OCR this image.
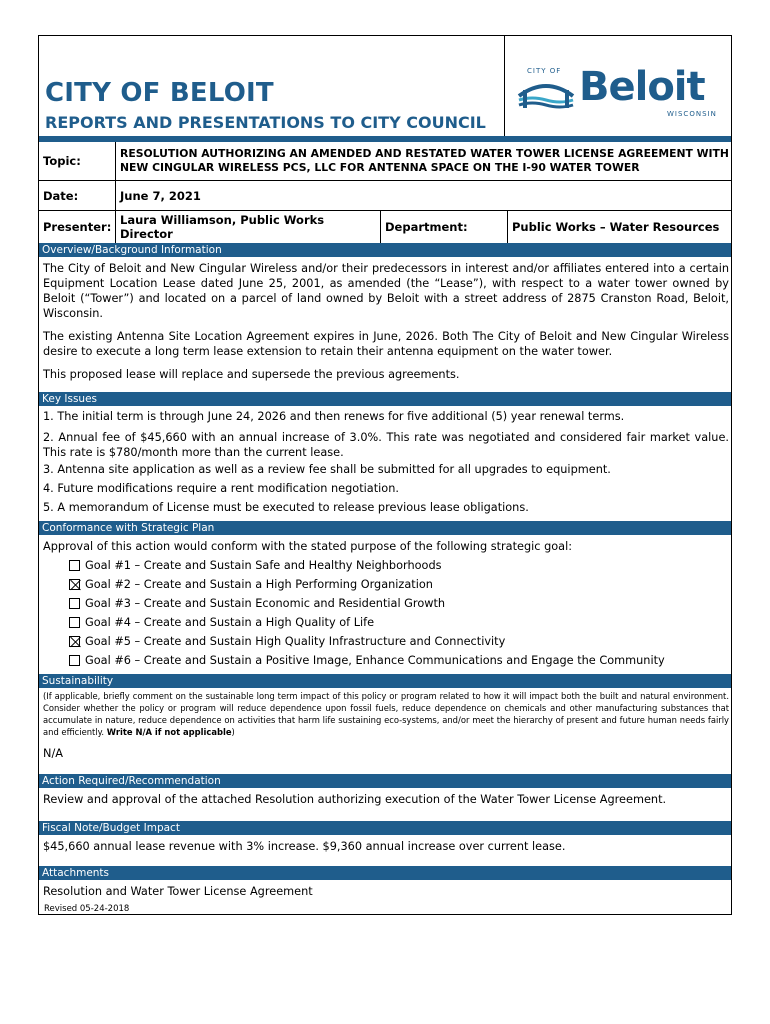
CITY OF BELOIT
REPORTS AND PRESENTATIONS TO CITY COUNCIL
CITY OF Beloit
WISCONSIN
Topic:
RESOLUTION AUTHORIZING AN AMENDED AND RESTATED WATER TOWER LICENSE AGREEMENT WITH
NEW CINGULAR WIRELESS PCS, LLC FOR ANTENNA SPACE ON THE I-90 WATER TOWER
Date:	June 7, 2021
Presenter: Laura Williamson, Public Works Director	Department:	Public Works – Water Resources
Overview/Background Information
The City of Beloit and New Cingular Wireless and/or their predecessors in interest and/or affiliates entered into a certain Equipment Location Lease dated June 25, 2001, as amended (the “Lease”), with respect to a water tower owned by Beloit (“Tower”) and located on a parcel of land owned by Beloit with a street address of 2875 Cranston Road, Beloit, Wisconsin.
The existing Antenna Site Location Agreement expires in June, 2026. Both The City of Beloit and New Cingular Wireless desire to execute a long term lease extension to retain their antenna equipment on the water tower.
This proposed lease will replace and supersede the previous agreements.
Key Issues
1. The initial term is through June 24, 2026 and then renews for five additional (5) year renewal terms.
2. Annual fee of $45,660 with an annual increase of 3.0%. This rate was negotiated and considered fair market value. This rate is $780/month more than the current lease.
3. Antenna site application as well as a review fee shall be submitted for all upgrades to equipment.
4. Future modifications require a rent modification negotiation.
5. A memorandum of License must be executed to release previous lease obligations.
Conformance with Strategic Plan
Approval of this action would conform with the stated purpose of the following strategic goal:
Goal #1 – Create and Sustain Safe and Healthy Neighborhoods
Goal #2 – Create and Sustain a High Performing Organization
Goal #3 – Create and Sustain Economic and Residential Growth
Goal #4 – Create and Sustain a High Quality of Life
Goal #5 – Create and Sustain High Quality Infrastructure and Connectivity
Goal #6 – Create and Sustain a Positive Image, Enhance Communications and Engage the Community
Sustainability
(If applicable, briefly comment on the sustainable long term impact of this policy or program related to how it will impact both the built and natural environment. Consider whether the policy or program will reduce dependence upon fossil fuels, reduce dependence on chemicals and other manufacturing substances that accumulate in nature, reduce dependence on activities that harm life sustaining eco-systems, and/or meet the hierarchy of present and future human needs fairly and efficiently. Write N/A if not applicable)
N/A
Action Required/Recommendation
Review and approval of the attached Resolution authorizing execution of the Water Tower License Agreement.
Fiscal Note/Budget Impact
$45,660 annual lease revenue with 3% increase. $9,360 annual increase over current lease.
Attachments
Resolution and Water Tower License Agreement
Revised 05-24-2018
